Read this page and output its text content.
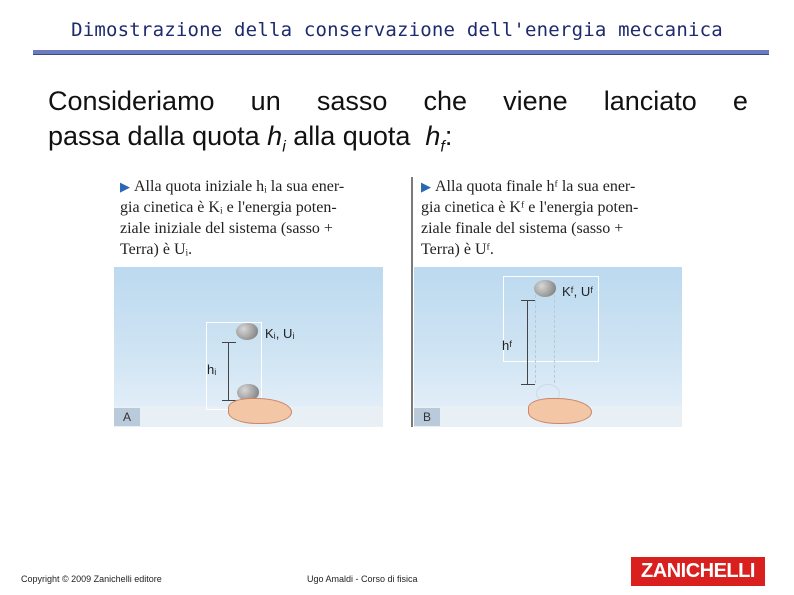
Dimostrazione della conservazione dell'energia meccanica
Consideriamo un sasso che viene lanciato e
passa dalla quota $h_i$ alla quota  $h_f$:
▶ Alla quota iniziale hᵢ la sua ener-
gia cinetica è Kᵢ e l'energia poten-
ziale iniziale del sistema (sasso +
Terra) è Uᵢ.
▶ Alla quota finale hᶠ la sua ener-
gia cinetica è Kᶠ e l'energia poten-
ziale finale del sistema (sasso +
Terra) è Uᶠ.
Kᵢ, Uᵢ
hᵢ
A
Kᶠ, Uᶠ
hᶠ
B
Copyright © 2009 Zanichelli editore	Ugo Amaldi - Corso di fisica	ZANICHELLI
